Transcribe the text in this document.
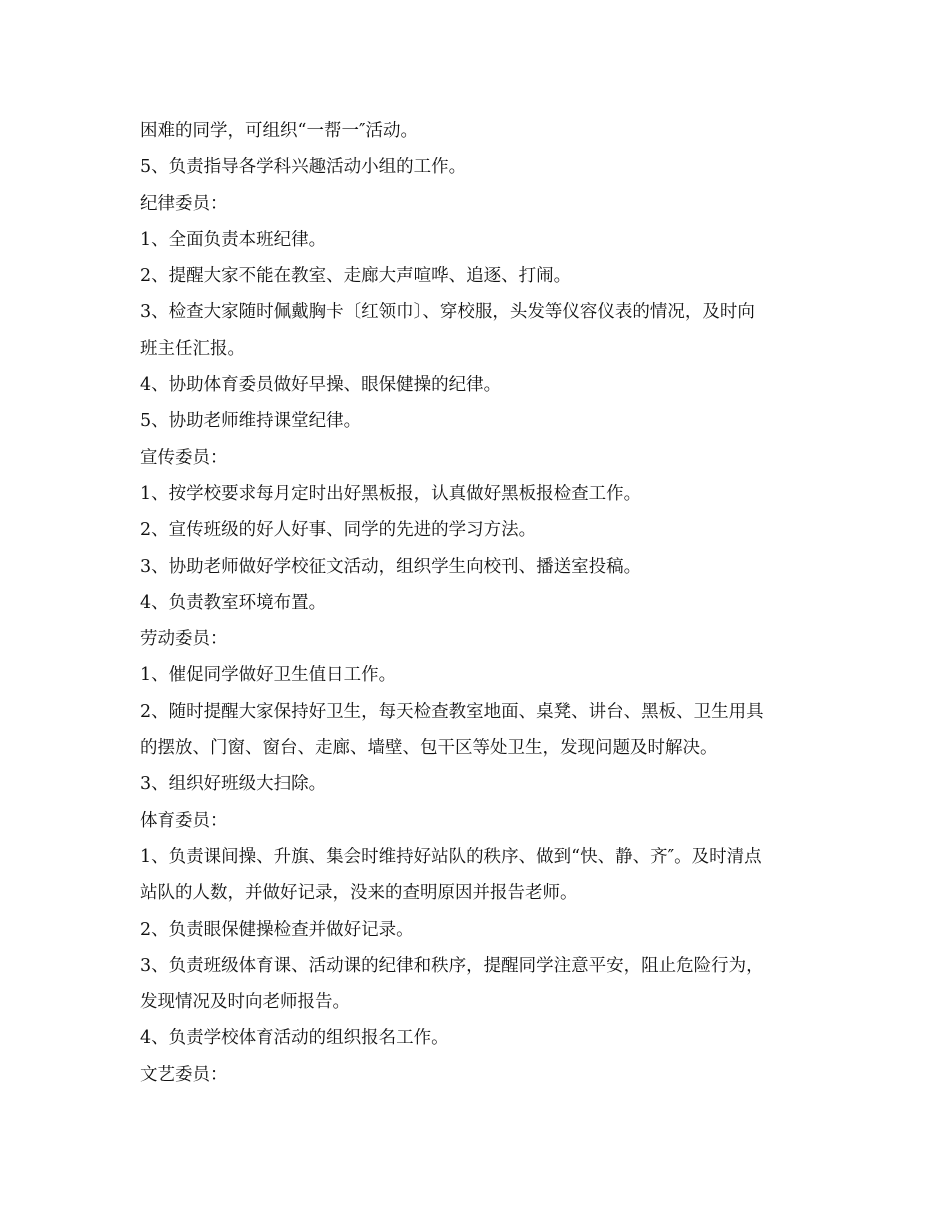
困难的同学，可组织“一帮一″活动。
5、负责指导各学科兴趣活动小组的工作。
纪律委员：
1、全面负责本班纪律。
2、提醒大家不能在教室、走廊大声喧哗、追逐、打闹。
3、检查大家随时佩戴胸卡〔红领巾〕、穿校服，头发等仪容仪表的情况，及时向
班主任汇报。
4、协助体育委员做好早操、眼保健操的纪律。
5、协助老师维持课堂纪律。
宣传委员：
1、按学校要求每月定时出好黑板报，认真做好黑板报检查工作。
2、宣传班级的好人好事、同学的先进的学习方法。
3、协助老师做好学校征文活动，组织学生向校刊、播送室投稿。
4、负责教室环境布置。
劳动委员：
1、催促同学做好卫生值日工作。
2、随时提醒大家保持好卫生，每天检查教室地面、桌凳、讲台、黑板、卫生用具
的摆放、门窗、窗台、走廊、墙壁、包干区等处卫生，发现问题及时解决。
3、组织好班级大扫除。
体育委员：
1、负责课间操、升旗、集会时维持好站队的秩序、做到“快、静、齐″。及时清点
站队的人数，并做好记录，没来的查明原因并报告老师。
2、负责眼保健操检查并做好记录。
3、负责班级体育课、活动课的纪律和秩序，提醒同学注意平安，阻止危险行为，
发现情况及时向老师报告。
4、负责学校体育活动的组织报名工作。
文艺委员：
